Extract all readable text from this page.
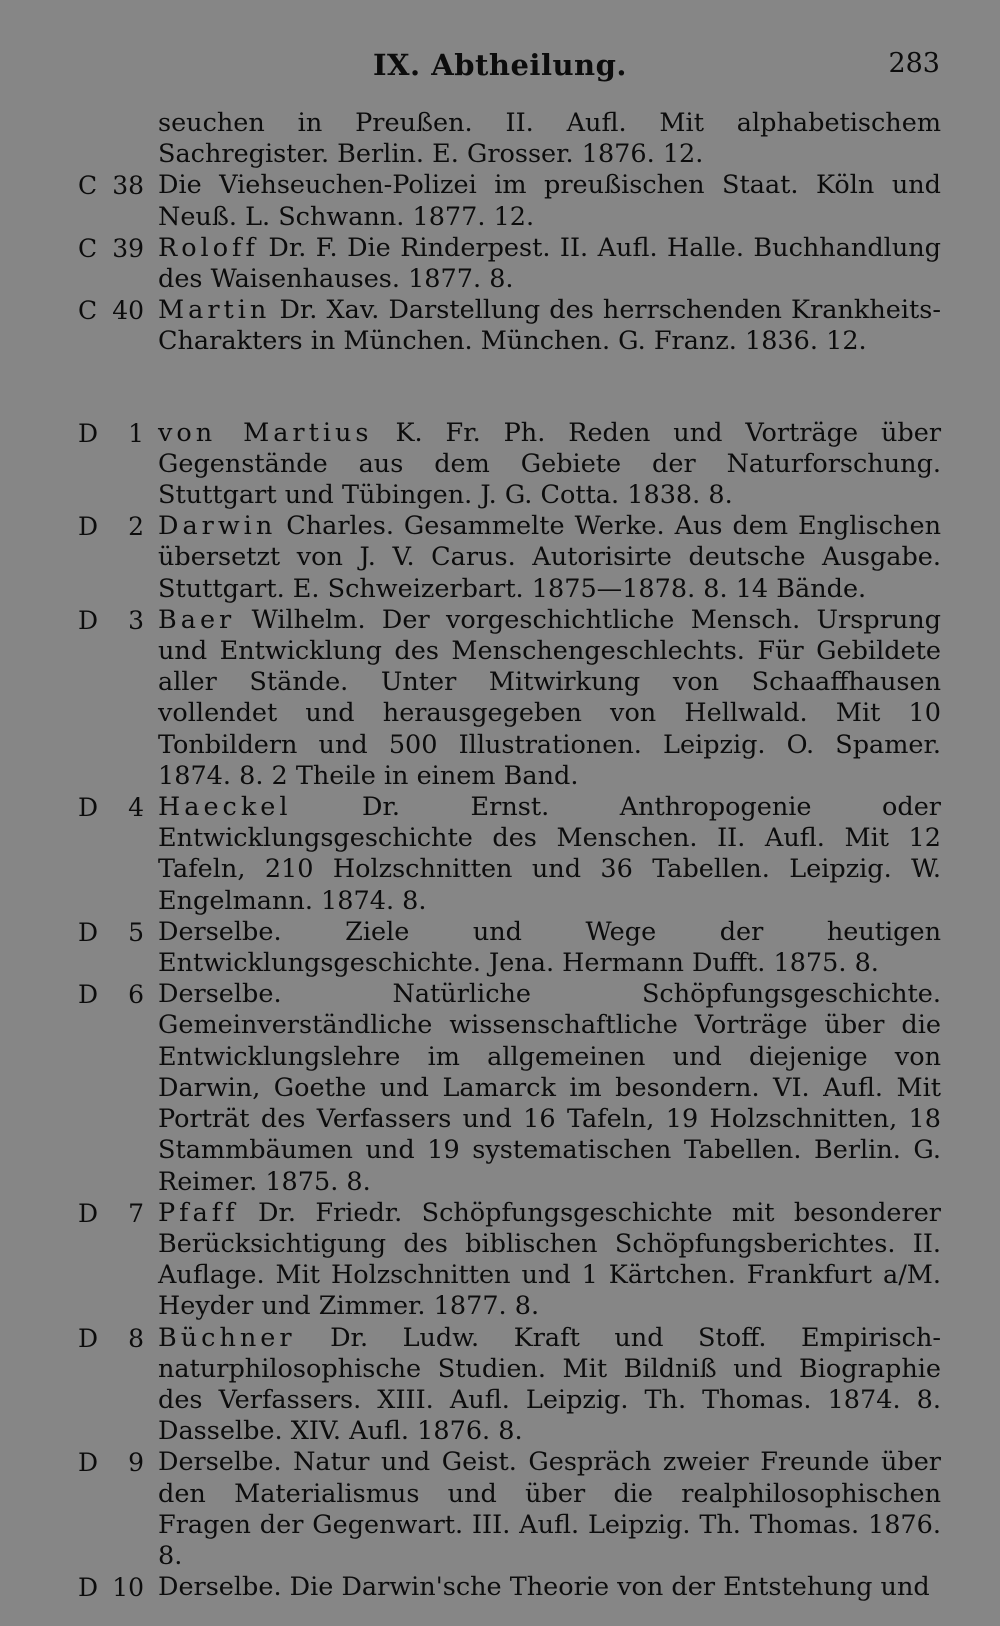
IX. Abtheilung.	283
seuchen in Preußen. II. Aufl. Mit alphabetischem Sachregister. Berlin. E. Grosser. 1876. 12.
C 38 Die Viehseuchen-Polizei im preußischen Staat. Köln und Neuß. L. Schwann. 1877. 12.
C 39 Roloff Dr. F. Die Rinderpest. II. Aufl. Halle. Buchhandlung des Waisenhauses. 1877. 8.
C 40 Martin Dr. Xav. Darstellung des herrschenden Krankheits-Charakters in München. München. G. Franz. 1836. 12.
D 1 von Martius K. Fr. Ph. Reden und Vorträge über Gegenstände aus dem Gebiete der Naturforschung. Stuttgart und Tübingen. J. G. Cotta. 1838. 8.
D 2 Darwin Charles. Gesammelte Werke. Aus dem Englischen übersetzt von J. V. Carus. Autorisirte deutsche Ausgabe. Stuttgart. E. Schweizerbart. 1875—1878. 8. 14 Bände.
D 3 Baer Wilhelm. Der vorgeschichtliche Mensch. Ursprung und Entwicklung des Menschengeschlechts. Für Gebildete aller Stände. Unter Mitwirkung von Schaaffhausen vollendet und herausgegeben von Hellwald. Mit 10 Tonbildern und 500 Illustrationen. Leipzig. O. Spamer. 1874. 8. 2 Theile in einem Band.
D 4 Haeckel Dr. Ernst. Anthropogenie oder Entwicklungsgeschichte des Menschen. II. Aufl. Mit 12 Tafeln, 210 Holzschnitten und 36 Tabellen. Leipzig. W. Engelmann. 1874. 8.
D 5 Derselbe. Ziele und Wege der heutigen Entwicklungsgeschichte. Jena. Hermann Dufft. 1875. 8.
D 6 Derselbe. Natürliche Schöpfungsgeschichte. Gemeinverständliche wissenschaftliche Vorträge über die Entwicklungslehre im allgemeinen und diejenige von Darwin, Goethe und Lamarck im besondern. VI. Aufl. Mit Porträt des Verfassers und 16 Tafeln, 19 Holzschnitten, 18 Stammbäumen und 19 systematischen Tabellen. Berlin. G. Reimer. 1875. 8.
D 7 Pfaff Dr. Friedr. Schöpfungsgeschichte mit besonderer Berücksichtigung des biblischen Schöpfungsberichtes. II. Auflage. Mit Holzschnitten und 1 Kärtchen. Frankfurt a/M. Heyder und Zimmer. 1877. 8.
D 8 Büchner Dr. Ludw. Kraft und Stoff. Empirisch-naturphilosophische Studien. Mit Bildniß und Biographie des Verfassers. XIII. Aufl. Leipzig. Th. Thomas. 1874. 8. Dasselbe. XIV. Aufl. 1876. 8.
D 9 Derselbe. Natur und Geist. Gespräch zweier Freunde über den Materialismus und über die realphilosophischen Fragen der Gegenwart. III. Aufl. Leipzig. Th. Thomas. 1876. 8.
D 10 Derselbe. Die Darwin'sche Theorie von der Entstehung und
